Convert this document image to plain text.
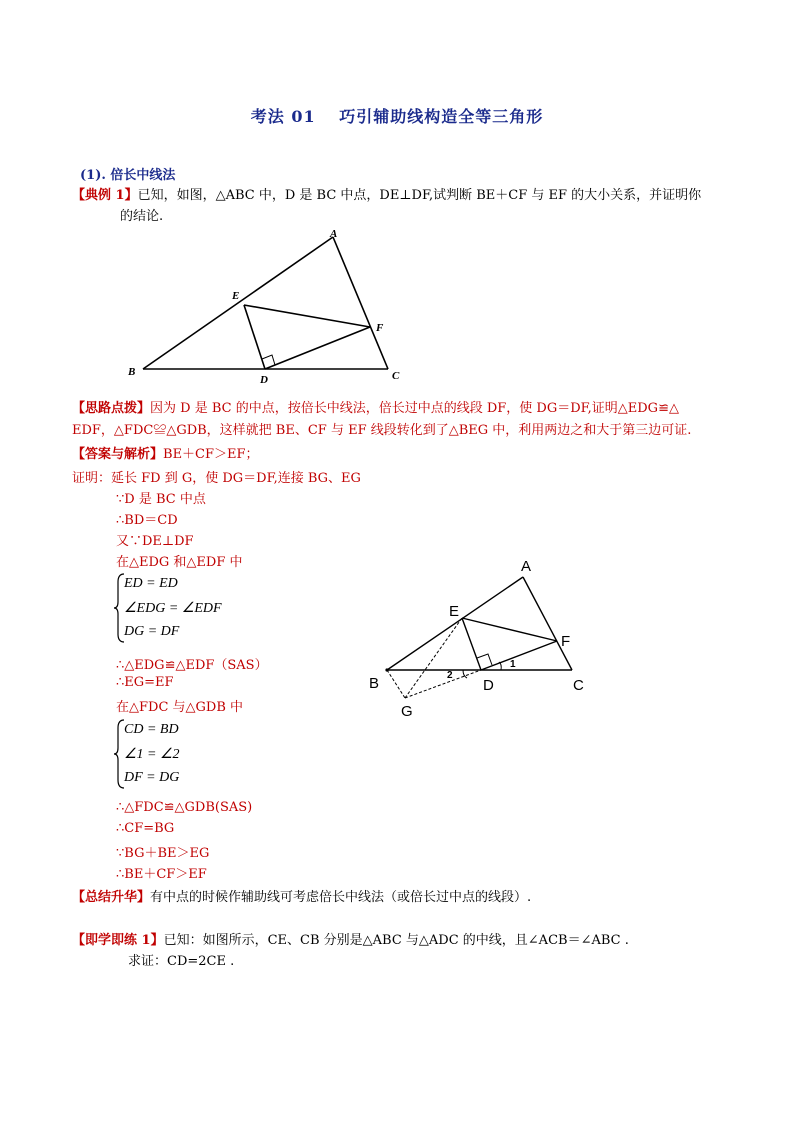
考法 01　 巧引辅助线构造全等三角形
(1). 倍长中线法
【典例 1】已知，如图，△ABC 中，D 是 BC 中点，DE⊥DF,试判断 BE＋CF 与 EF 的大小关系，并证明你
的结论.
A
B	C
D
E
F
【思路点拨】因为 D 是 BC 的中点，按倍长中线法，倍长过中点的线段 DF，使 DG＝DF,证明△EDG≌△
EDF，△FDC≌△GDB，这样就把 BE、CF 与 EF 线段转化到了△BEG 中，利用两边之和大于第三边可证.
【答案与解析】BE＋CF＞EF；
证明：延长 FD 到 G，使 DG＝DF,连接 BG、EG
∵D 是 BC 中点
∴BD＝CD
又∵DE⊥DF
在△EDG 和△EDF 中
ED = ED
∠EDG = ∠EDF
DG = DF
∴△EDG≌△EDF（SAS）
∴EG=EF
在△FDC 与△GDB 中
CD = BD
∠1 = ∠2
DF = DG
∴△FDC≌△GDB(SAS)
∴CF=BG
∵BG＋BE＞EG
∴BE＋CF＞EF
A
B	C
D
E
F
G
1
2
【总结升华】有中点的时候作辅助线可考虑倍长中线法（或倍长过中点的线段）.
【即学即练 1】已知：如图所示，CE、CB 分别是△ABC 与△ADC 的中线，且∠ACB＝∠ABC .
求证：CD=2CE .
